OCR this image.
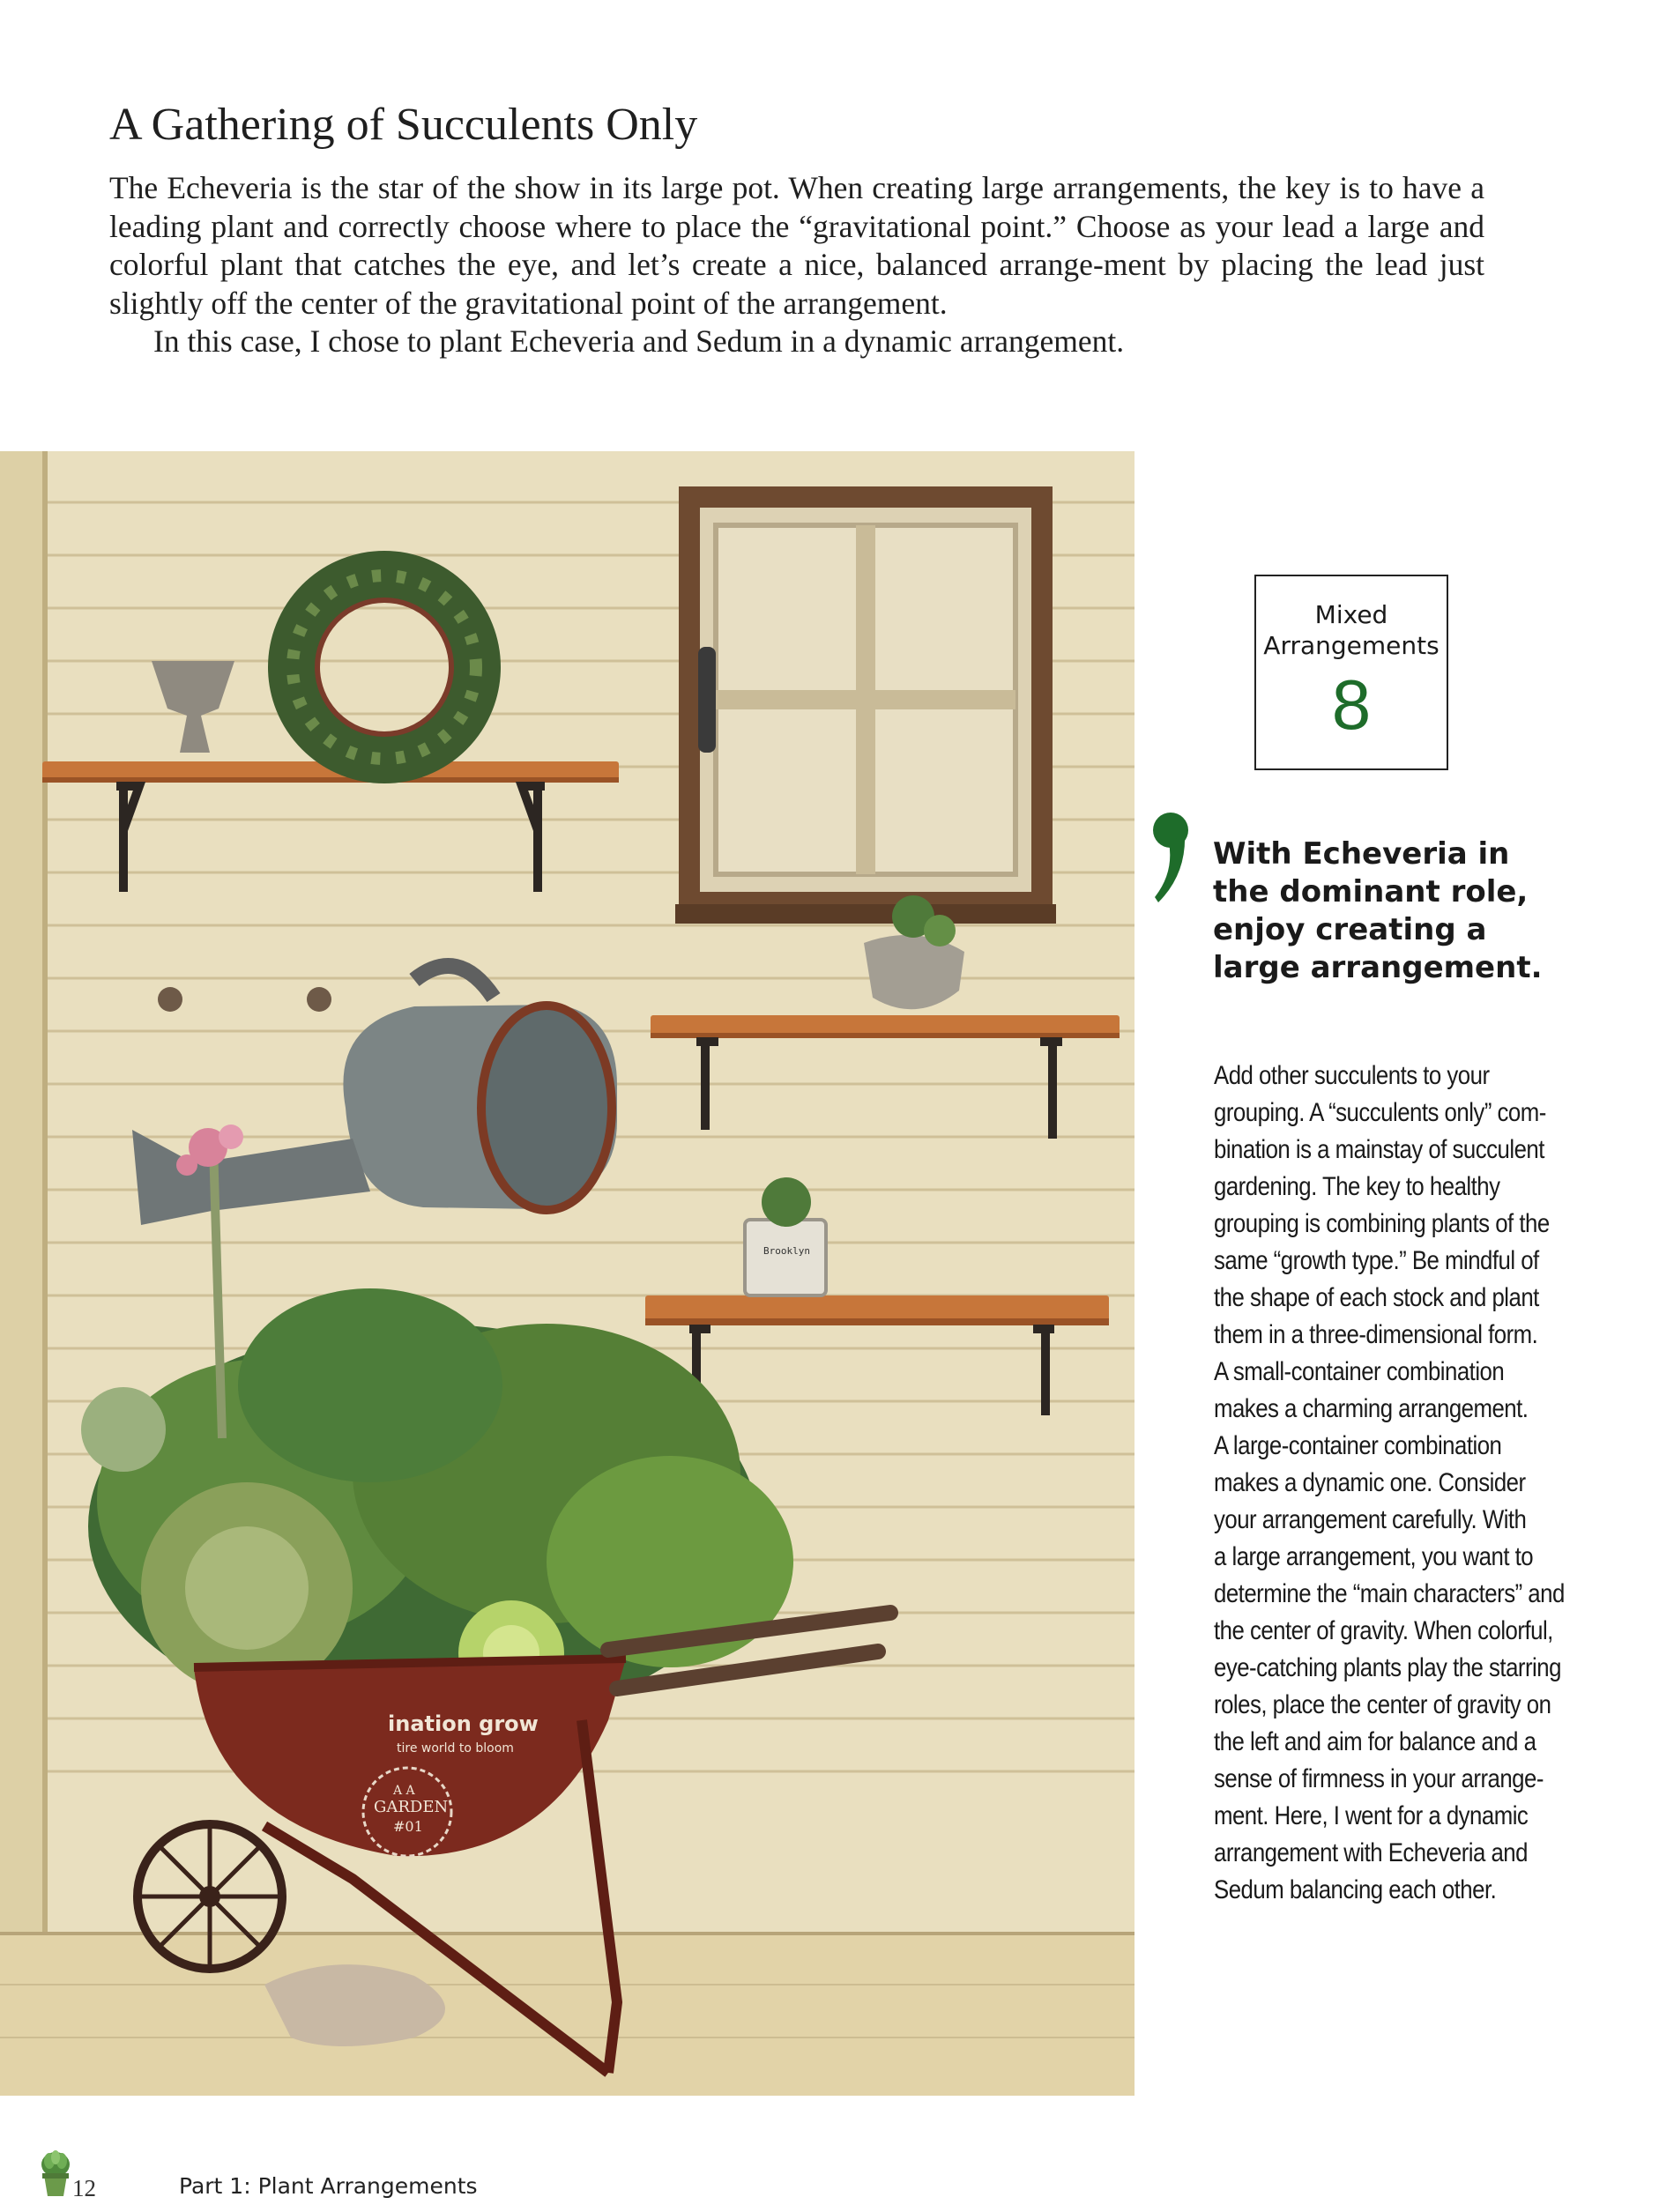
A Gathering of Succulents Only

The Echeveria is the star of the show in its large pot. When creating large arrangements, the key is to have a leading plant and correctly choose where to place the “gravitational point.” Choose as your lead a large and colorful plant that catches the eye, and let’s create a nice, balanced arrange-ment by placing the lead just slightly off the center of the gravitational point of the arrangement.

In this case, I chose to plant Echeveria and Sedum in a dynamic arrangement.

Brooklyn
ination grow
tire world to bloom
A A
GARDEN
#01
Mixed Arrangements
8

With Echeveria in the dominant role, enjoy creating a large arrangement.

Add other succulents to your
grouping. A “succulents only” com-
bination is a mainstay of succulent
gardening. The key to healthy
grouping is combining plants of the
same “growth type.” Be mindful of
the shape of each stock and plant
them in a three-dimensional form.
A small-container combination
makes a charming arrangement.
A large-container combination
makes a dynamic one. Consider
your arrangement carefully. With
a large arrangement, you want to
determine the “main characters” and
the center of gravity. When colorful,
eye-catching plants play the starring
roles, place the center of gravity on
the left and aim for balance and a
sense of firmness in your arrange-
ment. Here, I went for a dynamic
arrangement with Echeveria and
Sedum balancing each other.
12	Part 1: Plant Arrangements
